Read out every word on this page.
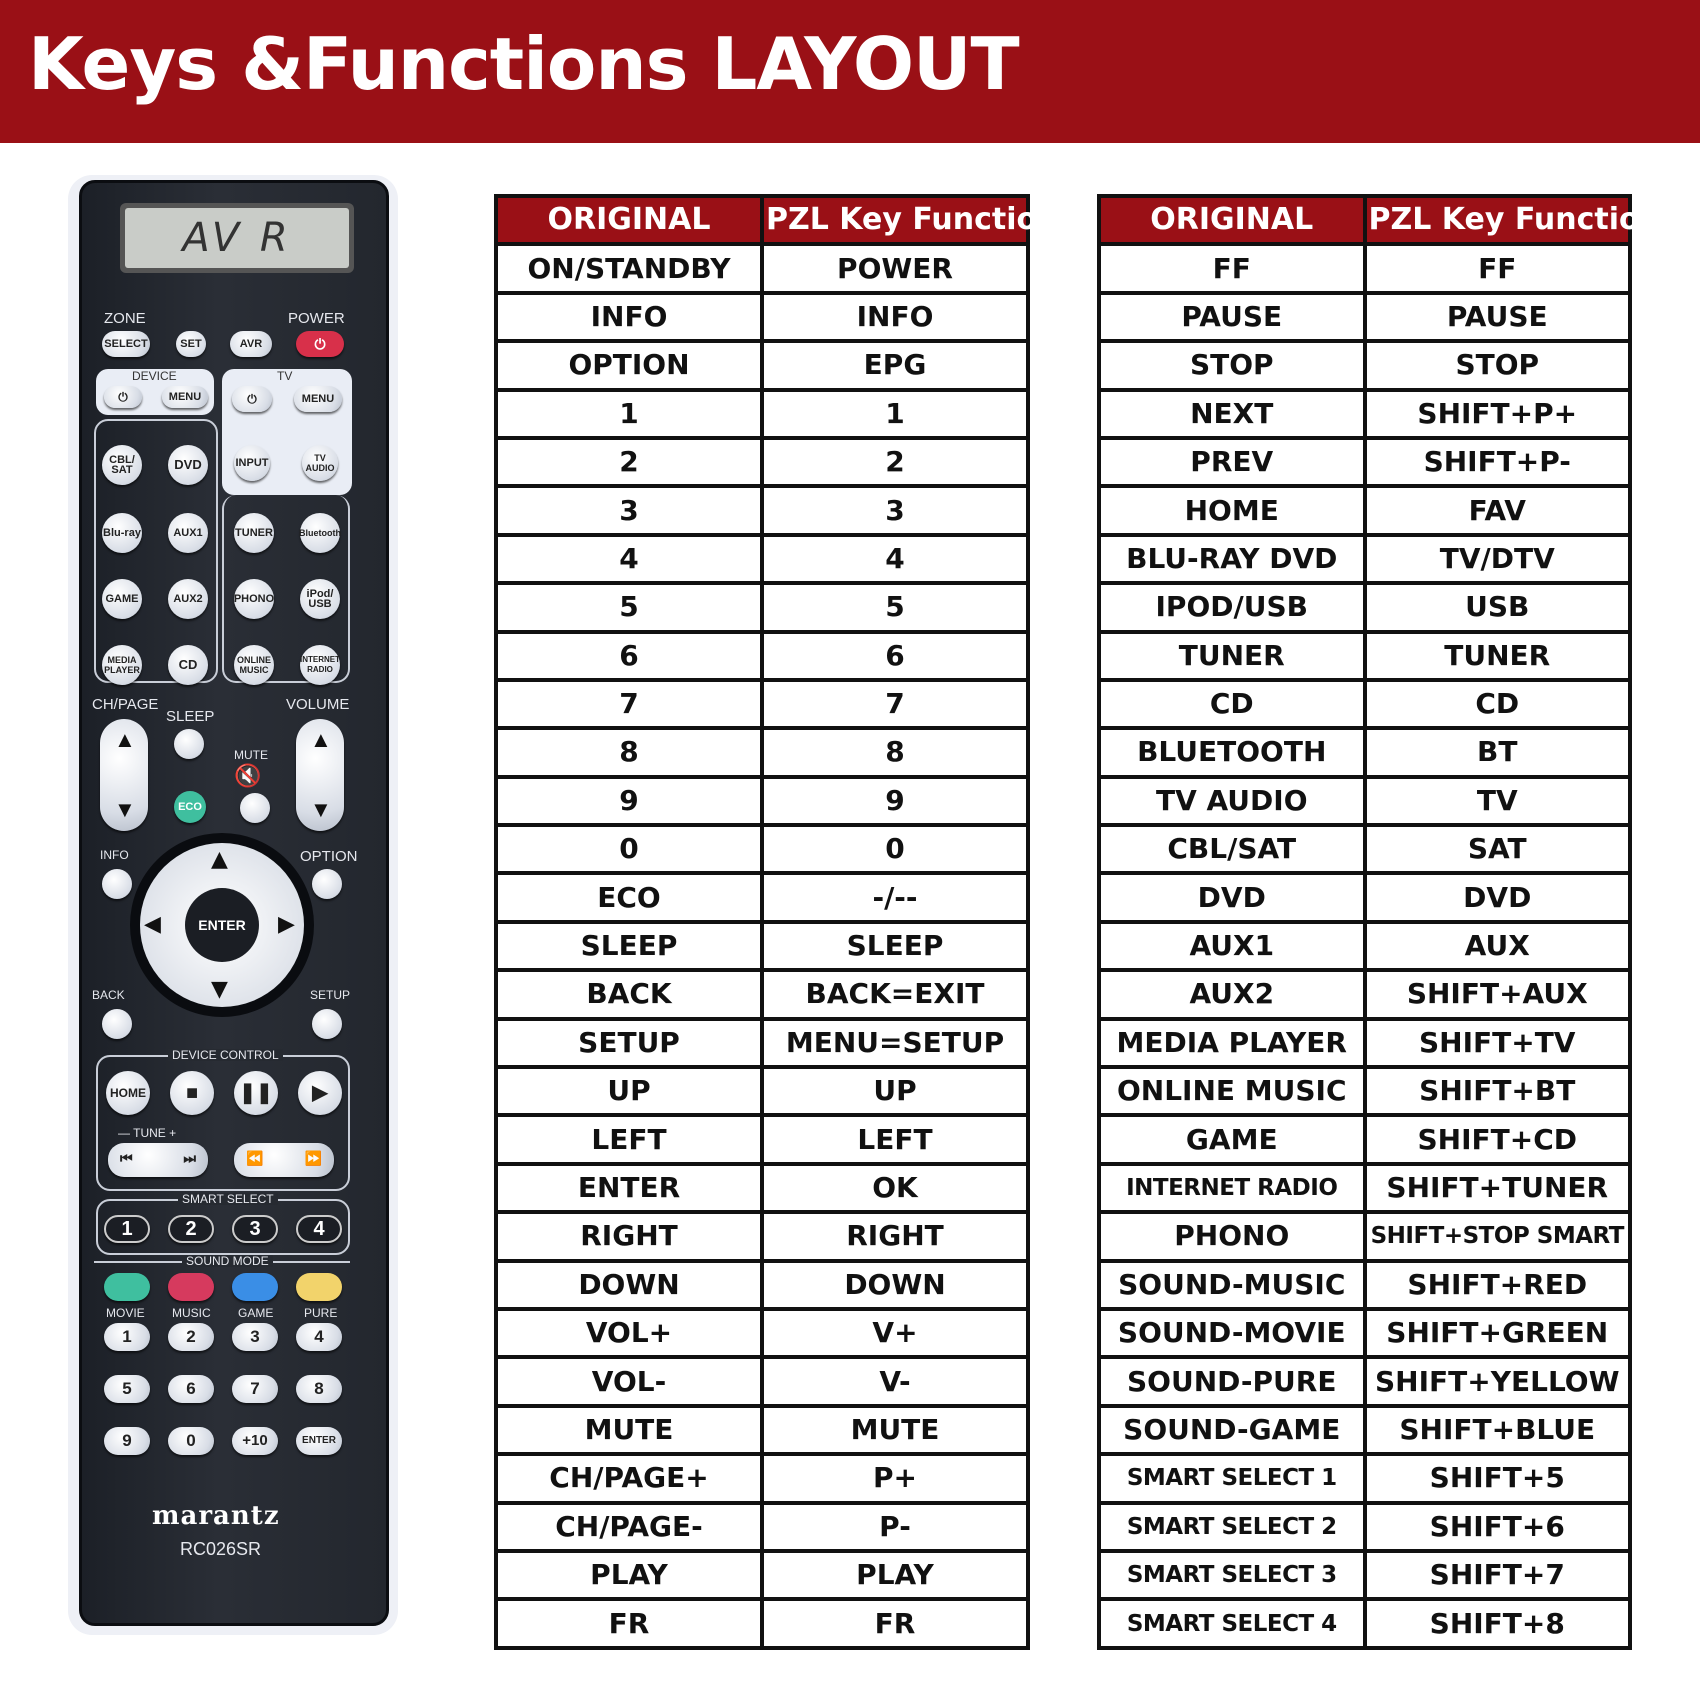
Keys &Functions LAYOUT
AV R
ZONE	POWER
SELECT	SET	AVR	⏻
DEVICE
⏻	MENU
TV
⏻	MENU
INPUT	TV AUDIO
CBL/ SAT	DVD
Blu-ray	AUX1	TUNER	Bluetooth
GAME	AUX2	PHONO	iPod/ USB
MEDIA PLAYER	CD	ONLINE MUSIC
INTERNET RADIO
CH/PAGE
SLEEP
VOLUME
▲
▼
MUTE
🔇
ECO
▲
▼
INFO	OPTION
▲
▼
◀	▶
ENTER
BACK	SETUP
DEVICE CONTROL
HOME ■ ❚❚ ▶
— TUNE +
⏮	⏭	⏪	⏩
SMART SELECT
1	2	3	4
SOUND MODE
MOVIE MUSIC GAME	PURE
1	2	3	4
5	6	7	8
9	0	+10	ENTER
marantz
RC026SR
ORIGINAL	PZL Key Function
ON/STANDBY	POWER
INFO	INFO
OPTION	EPG
1	1
2	2
3	3
4	4
5	5
6	6
7	7
8	8
9	9
0	0
ECO	-/--
SLEEP	SLEEP
BACK	BACK=EXIT
SETUP	MENU=SETUP
UP	UP
LEFT	LEFT
ENTER	OK
RIGHT	RIGHT
DOWN	DOWN
VOL+	V+
VOL-	V-
MUTE	MUTE
CH/PAGE+	P+
CH/PAGE-	P-
PLAY	PLAY
FR	FR
ORIGINAL	PZL Key Function
FF	FF
PAUSE	PAUSE
STOP	STOP
NEXT	SHIFT+P+
PREV	SHIFT+P-
HOME	FAV
BLU-RAY DVD	TV/DTV
IPOD/USB	USB
TUNER	TUNER
CD	CD
BLUETOOTH	BT
TV AUDIO	TV
CBL/SAT	SAT
DVD	DVD
AUX1	AUX
AUX2	SHIFT+AUX
MEDIA PLAYER	SHIFT+TV
ONLINE MUSIC	SHIFT+BT
GAME	SHIFT+CD
INTERNET RADIO	SHIFT+TUNER
PHONO	SHIFT+STOP SMART
SOUND-MUSIC	SHIFT+RED
SOUND-MOVIE	SHIFT+GREEN
SOUND-PURE	SHIFT+YELLOW
SOUND-GAME	SHIFT+BLUE
SMART SELECT 1	SHIFT+5
SMART SELECT 2	SHIFT+6
SMART SELECT 3	SHIFT+7
SMART SELECT 4	SHIFT+8
